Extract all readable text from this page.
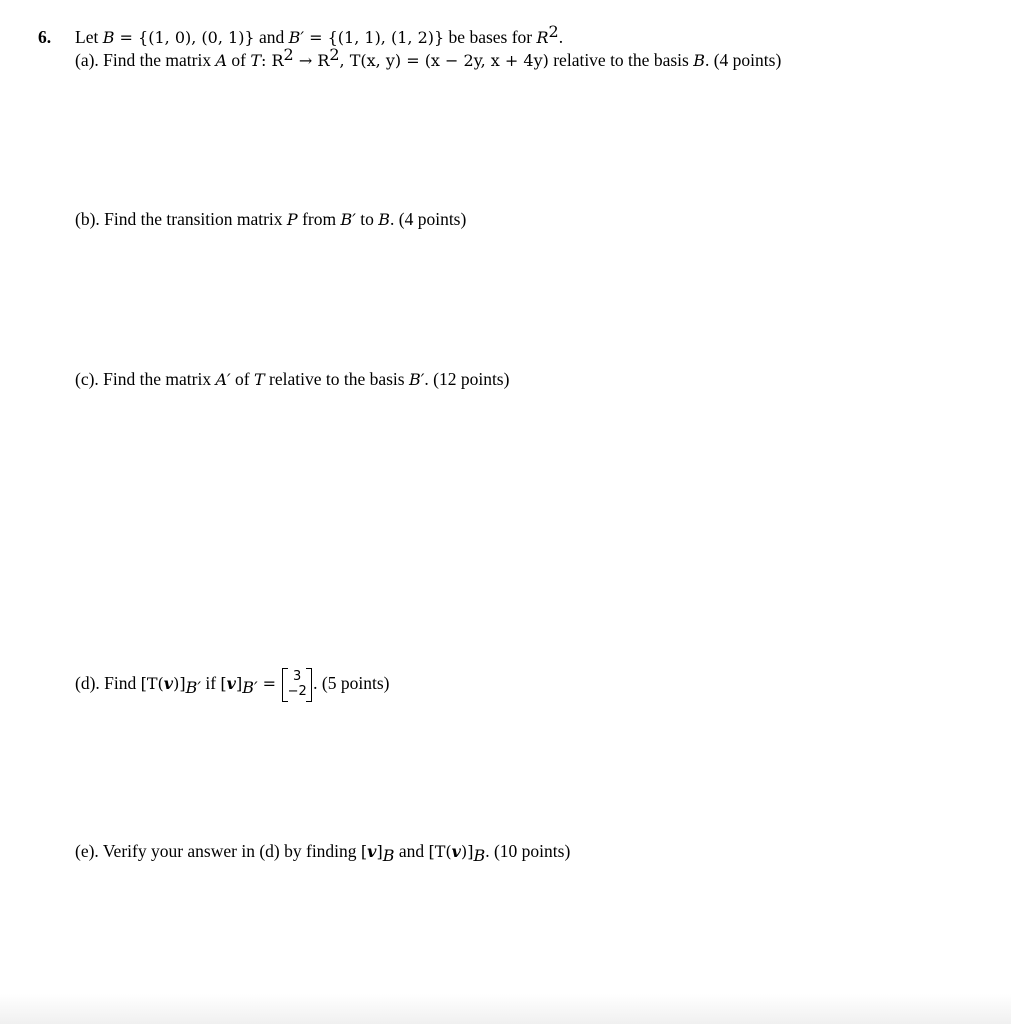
6. Let B = {(1, 0), (0, 1)} and B′ = {(1, 1), (1, 2)} be bases for $R^2$.
(a). Find the matrix A of T: $R^2 \to R^2$, T(x, y) = (x − 2y, x + 4y) relative to the basis B. (4 points)
(b). Find the transition matrix P from B′ to B. (4 points)
(c). Find the matrix A′ of T relative to the basis B′. (12 points)
(d). Find $[T(v)]_{B'}$ if $[v]_{B'} = 3$
−2 . (5 points)
(e). Verify your answer in (d) by finding $[v]_B$ and $[T(v)]_B$. (10 points)
